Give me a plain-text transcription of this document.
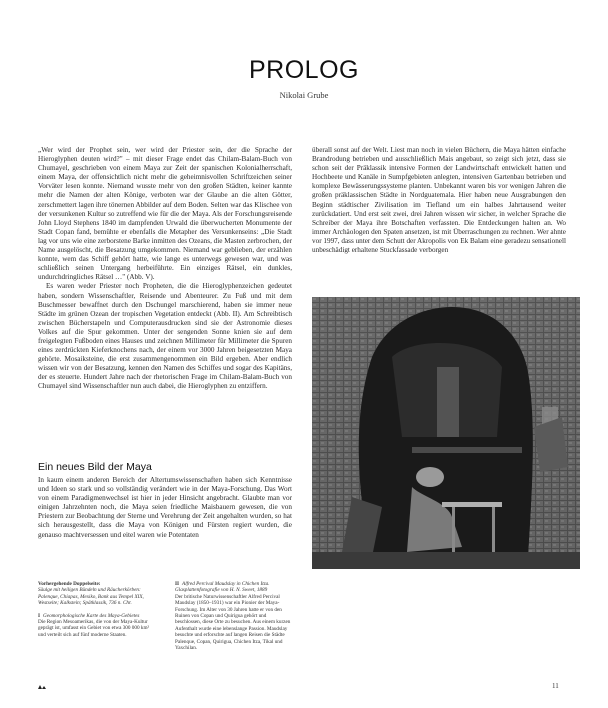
PROLOG
Nikolai Grube

„Wer wird der Prophet sein, wer wird der Priester sein, der die Sprache der Hieroglyphen deuten wird?" – mit dieser Frage endet das Chilam-Balam-Buch von Chumayel, geschrieben von einem Maya zur Zeit der spanischen Kolonialherrschaft, einem Maya, der offensichtlich nicht mehr die geheimnisvollen Schriftzeichen seiner Vorväter lesen konnte. Niemand wusste mehr von den großen Städten, keiner kannte mehr die Namen der alten Könige, verboten war der Glaube an die alten Götter, zerschmettert lagen ihre tönernen Abbilder auf dem Boden. Selten war das Klischee von der versunkenen Kultur so zutreffend wie für die der Maya. Als der Forschungsreisende John Lloyd Stephens 1840 im dampfenden Urwald die überwucherten Monumente der Stadt Copan fand, bemühte er ebenfalls die Metapher des Versunkenseins: „Die Stadt lag vor uns wie eine zerborstene Barke inmitten des Ozeans, die Masten zerbrochen, der Name ausgelöscht, die Besatzung umgekommen. Niemand war geblieben, der erzählen konnte, wem das Schiff gehört hatte, wie lange es unterwegs gewesen war, und was schließlich seinen Untergang herbeiführte. Ein einziges Rätsel, ein dunkles, undurchdringliches Rätsel …" (Abb. V).

Es waren weder Priester noch Propheten, die die Hieroglyphenzeichen gedeutet haben, sondern Wissenschaftler, Reisende und Abenteurer. Zu Fuß und mit dem Buschmesser bewaffnet durch den Dschungel marschierend, haben sie immer neue Städte im grünen Ozean der tropischen Vegetation entdeckt (Abb. II). Am Schreibtisch zwischen Bücherstapeln und Computerausdrucken sind sie der Astronomie dieses Volkes auf die Spur gekommen. Unter der sengenden Sonne knien sie auf dem freigelegten Fußboden eines Hauses und zeichnen Millimeter für Millimeter die Spuren eines zerdrückten Kieferknochens nach, der einem vor 3000 Jahren beigesetzten Maya gehörte. Mosaiksteine, die erst zusammengenommen ein Bild ergeben. Aber endlich wissen wir von der Besatzung, kennen den Namen des Schiffes und sogar des Kapitäns, der es steuerte. Hundert Jahre nach der rhetorischen Frage im Chilam-Balam-Buch von Chumayel sind Wissenschaftler nun auch dabei, die Hieroglyphen zu entziffern.

Ein neues Bild der Maya

In kaum einem anderen Bereich der Altertumswissenschaften haben sich Kenntnisse und Ideen so stark und so vollständig verändert wie in der Maya-Forschung. Das Wort von einem Paradigmenwechsel ist hier in jeder Hinsicht angebracht. Glaubte man vor einigen Jahrzehnten noch, die Maya seien friedliche Maisbauern gewesen, die von Priestern zur Beobachtung der Sterne und Verehrung der Zeit angehalten wurden, so hat sich herausgestellt, dass die Maya von Königen und Fürsten regiert wurden, die genauso machtversessen und eitel waren wie Potentaten

überall sonst auf der Welt. Liest man noch in vielen Büchern, die Maya hätten einfache Brandrodung betrieben und ausschließlich Mais angebaut, so zeigt sich jetzt, dass sie schon seit der Präklassik intensive Formen der Landwirtschaft entwickelt hatten und Hochbeete und Kanäle in Sumpfgebieten anlegten, intensiven Gartenbau betrieben und komplexe Bewässerungssysteme planten. Unbekannt waren bis vor wenigen Jahren die großen präklassischen Städte in Nordguatemala. Hier haben neue Ausgrabungen den Beginn städtischer Zivilisation im Tiefland um ein halbes Jahrtausend weiter zurückdatiert. Und erst seit zwei, drei Jahren wissen wir sicher, in welcher Sprache die Schreiber der Maya ihre Botschaften verfassten. Die Entdeckungen halten an. Wo immer Archäologen den Spaten ansetzen, ist mit Überraschungen zu rechnen. Wer ahnte vor 1997, dass unter dem Schutt der Akropolis von Ek Balam eine geradezu sensationell unbeschädigt erhaltene Stuckfassade verborgen

Vorhergehende Doppelseite:
Säulge mit heiligen Bündeln und Räucherkörben: Palenque, Chiapas, Mexiko, Bank aus Tempel XIX, Westseite; Kalkstein; Spätklassik, 736 n. Chr.
I Geomorphologische Karte des Maya-Gebietes
Die Region Mesoamerikas, die von der Maya-Kultur geprägt ist, umfasst ein Gebiet von etwa 300 000 km² und verteilt sich auf fünf moderne Staaten.
II Alfred Percival Maudslay in Chichen Itza. Glasplattenfotografie von H. N. Sweet, 1889
Der britische Naturwissenschaftler Alfred Percival Maudslay (1850–1931) war ein Pionier der Maya-Forschung. Im Alter von 30 Jahren hatte er von den Ruinen von Copan und Quirigua gehört und beschlossen, diese Orte zu besuchen. Aus einem kurzen Aufenthalt wurde eine lebenslange Passion. Maudslay besuchte und erforschte auf langen Reisen die Städte Palenque, Copan, Quirigua, Chichen Itza, Tikal und Yaxchilan.
11
